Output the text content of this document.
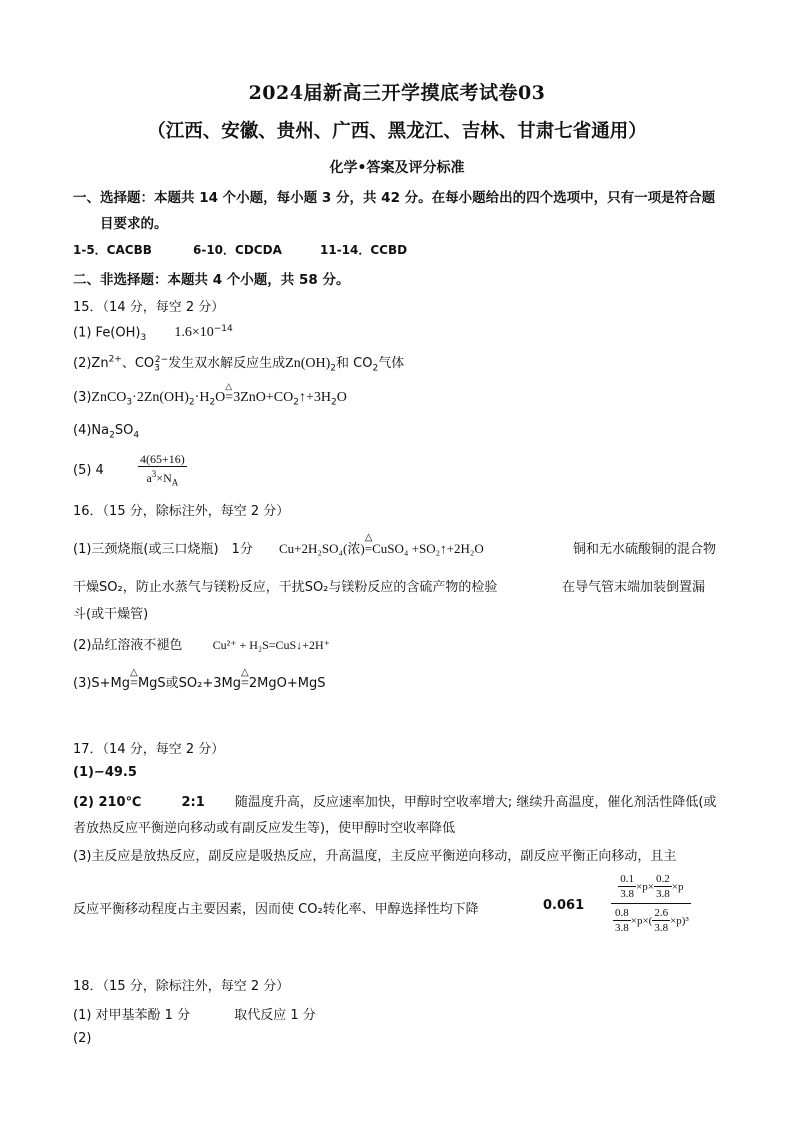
2024届新高三开学摸底考试卷03
（江西、安徽、贵州、广西、黑龙江、吉林、甘肃七省通用）
化学•答案及评分标准
一、选择题：本题共 14 个小题，每小题 3 分，共 42 分。在每小题给出的四个选项中，只有一项是符合题
目要求的。
1-5．CACBB	6-10．CDCDA	11-14．CCBD
二、非选择题：本题共 4 个小题，共 58 分。
15．（14 分，每空 2 分）
(1) $Fe(OH)_3$ $1.6\times 10^{-14}$
$(2)Zn^{2+}$、$CO_3^{2-}$发生双水解反应生成$Zn(OH)_2$和 $CO_2$气体
$(3)ZnCO_3\cdot 2Zn(OH)_2\cdot H_2O=$
△
$3ZnO+CO_2↑+3H_2O$
$(4)Na_2SO_4$
(5) 4	$\frac{4(65+16)}{a^3\times N_A}$
16．（15 分，除标注外，每空 2 分）
(1)三颈烧瓶(或三口烧瓶)　1分 Cu+2H₂SO₄(浓)=
△
CuSO₄ +SO₂↑+2H₂O	铜和无水硫酸铜的混合物
干燥SO₂，防止水蒸气与镁粉反应，干扰SO₂与镁粉反应的含硫产物的检验	在导气管末端加装倒置漏
斗(或干燥管)
(2)品红溶液不褪色	Cu²⁺ + H₂S=CuS↓+2H⁺
(3)S+Mg=
△
MgS或SO₂+3Mg=
△
2MgO+MgS
17．（14 分，每空 2 分）
(1)−49.5
(2) 210℃	2:1 随温度升高，反应速率加快，甲醇时空收率增大; 继续升高温度，催化剂活性降低(或
者放热反应平衡逆向移动或有副反应发生等)，使甲醇时空收率降低
(3)主反应是放热反应，副反应是吸热反应，升高温度，主反应平衡逆向移动，副反应平衡正向移动，且主
反应平衡移动程度占主要因素，因而使 CO₂转化率、甲醇选择性均下降	$0.061 \frac{\frac{0.1}{3.8} \times p \times \frac{0.2}{3.8} \times p}{\frac{0.8}{3.8} \times p\times( \frac{2.6}{3.8} \times p)^3}$
18．（15 分，除标注外，每空 2 分）
(1) 对甲基苯酚 1 分	取代反应 1 分
(2)
